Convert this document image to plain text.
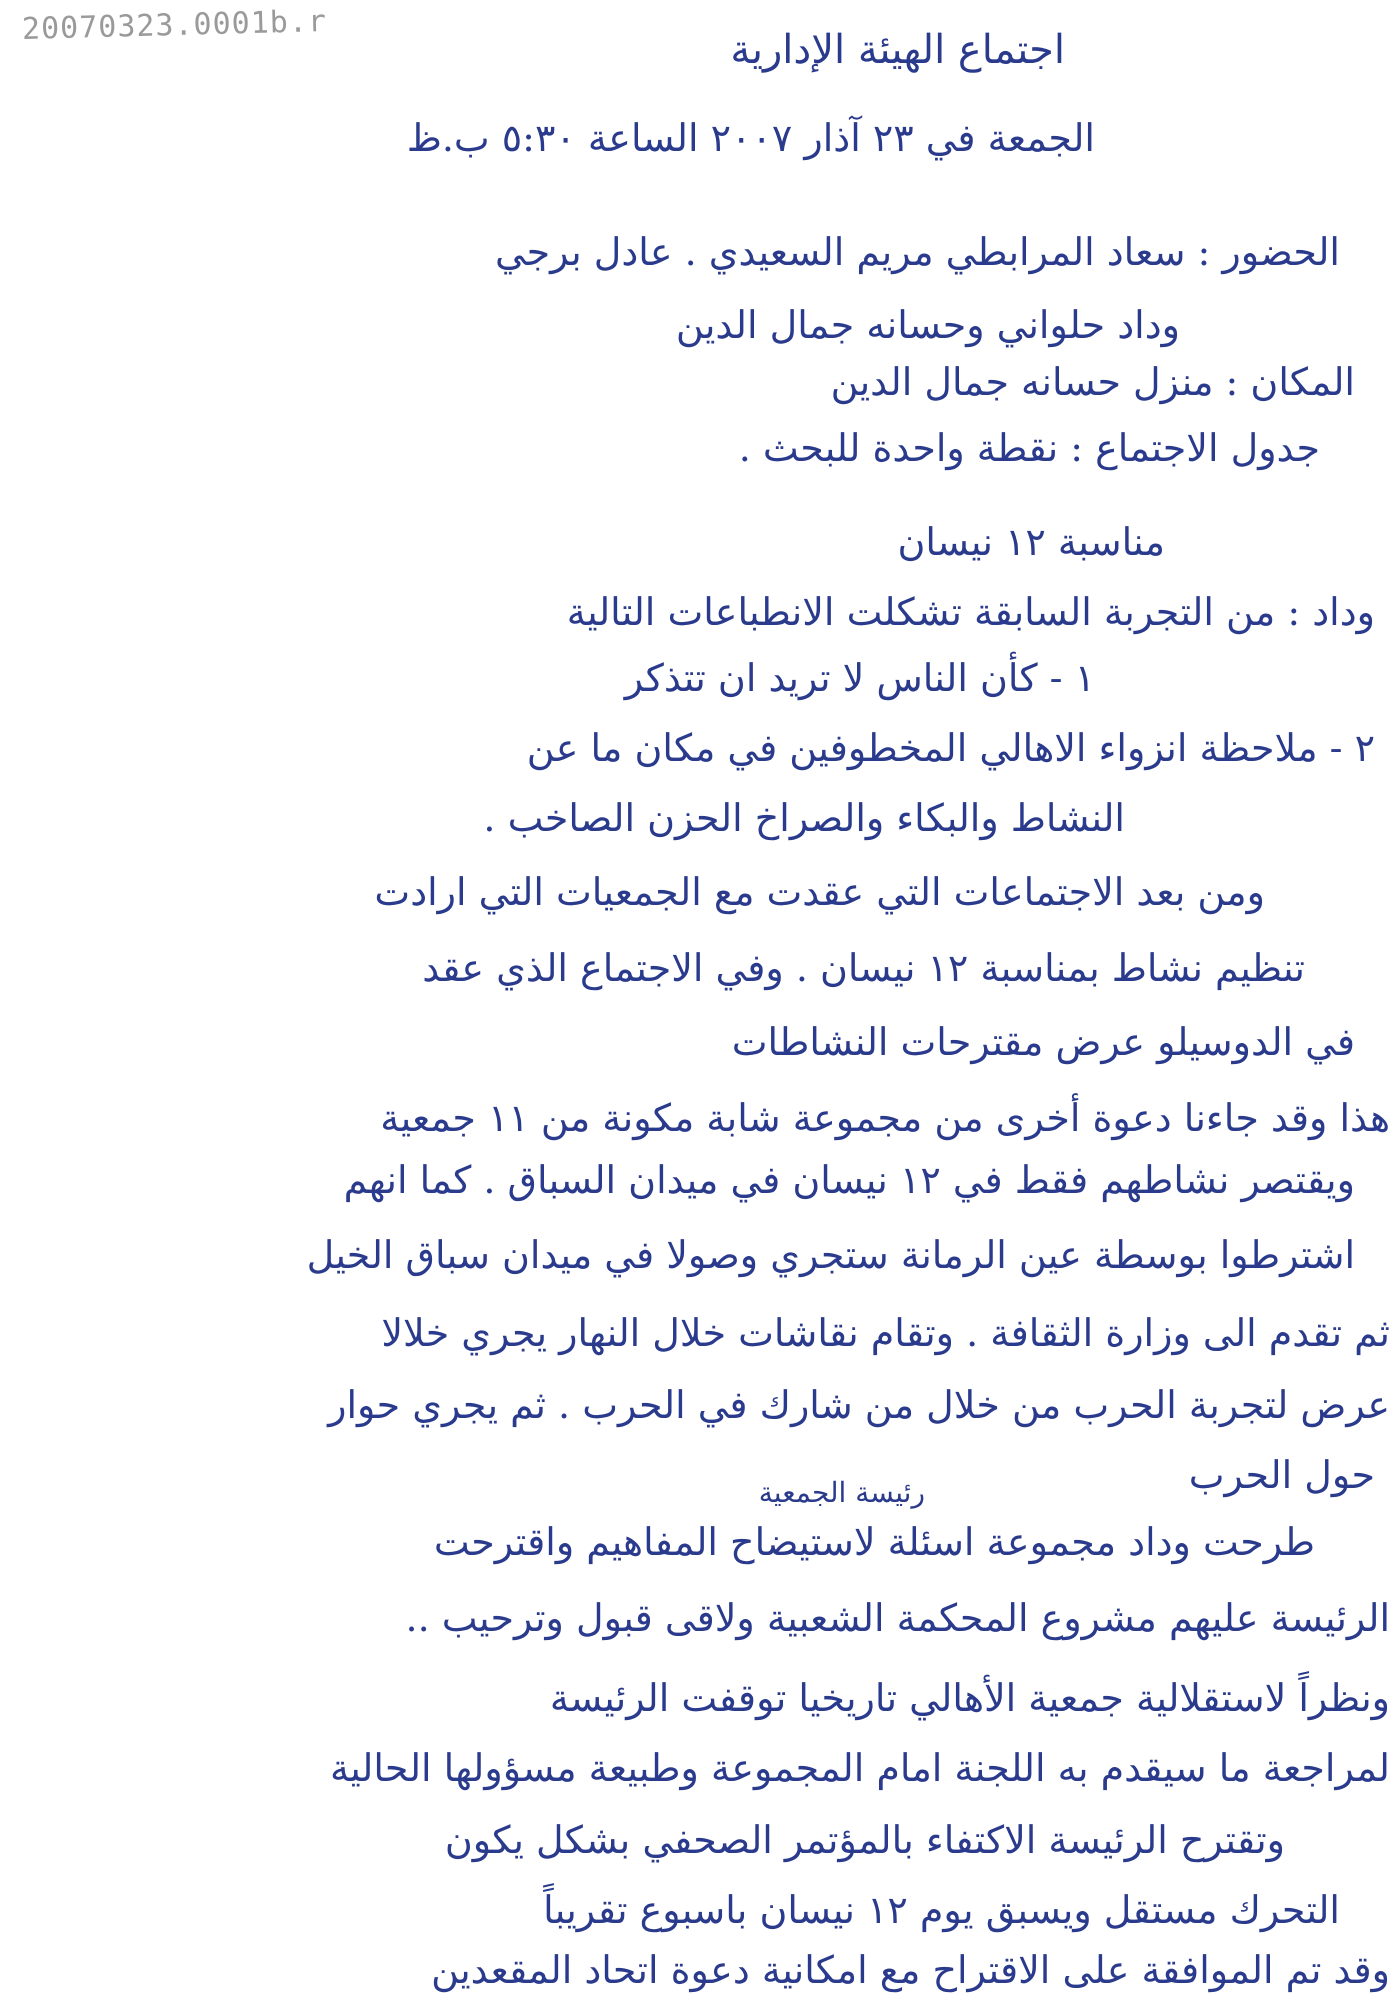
20070323.0001b.r
اجتماع الهيئة الإدارية
الجمعة في ٢٣ آذار ٢٠٠٧ الساعة ٥:٣٠ ب.ظ
الحضور : سعاد المرابطي مريم السعيدي . عادل برجي
وداد حلواني وحسانه جمال الدين
المكان : منزل حسانه جمال الدين
جدول الاجتماع : نقطة واحدة للبحث .
مناسبة ١٢ نيسان
وداد : من التجربة السابقة تشكلت الانطباعات التالية
١ - كأن الناس لا تريد ان تتذكر
٢ - ملاحظة انزواء الاهالي المخطوفين في مكان ما عن
النشاط والبكاء والصراخ الحزن الصاخب .
ومن بعد الاجتماعات التي عقدت مع الجمعيات التي ارادت
تنظيم نشاط بمناسبة ١٢ نيسان . وفي الاجتماع الذي عقد
في الدوسيلو عرض مقترحات النشاطات
هذا وقد جاءنا دعوة أخرى من مجموعة شابة مكونة من ١١ جمعية
ويقتصر نشاطهم فقط في ١٢ نيسان في ميدان السباق . كما انهم
اشترطوا بوسطة عين الرمانة ستجري وصولا في ميدان سباق الخيل
ثم تقدم الى وزارة الثقافة . وتقام نقاشات خلال النهار يجري خلالا
عرض لتجربة الحرب من خلال من شارك في الحرب . ثم يجري حوار
حول الحرب
رئيسة الجمعية
طرحت وداد مجموعة اسئلة لاستيضاح المفاهيم واقترحت
الرئيسة عليهم مشروع المحكمة الشعبية ولاقى قبول وترحيب ..
ونظراً لاستقلالية جمعية الأهالي تاريخيا توقفت الرئيسة
لمراجعة ما سيقدم به اللجنة امام المجموعة وطبيعة مسؤولها الحالية
وتقترح الرئيسة الاكتفاء بالمؤتمر الصحفي بشكل يكون
التحرك مستقل ويسبق يوم ١٢ نيسان باسبوع تقريباً
وقد تم الموافقة على الاقتراح مع امكانية دعوة اتحاد المقعدين
